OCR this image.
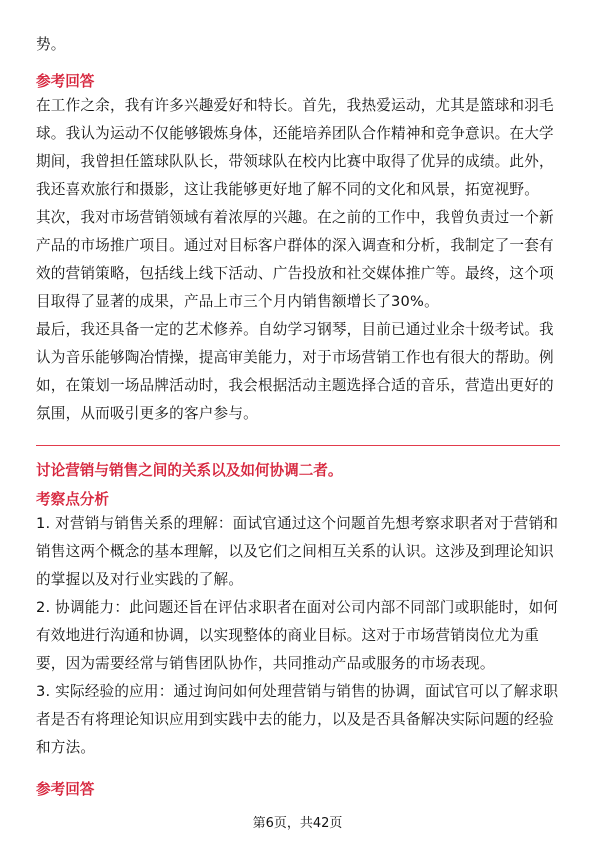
势。

参考回答

在工作之余，我有许多兴趣爱好和特长。首先，我热爱运动，尤其是篮球和羽毛球。我认为运动不仅能够锻炼身体，还能培养团队合作精神和竞争意识。在大学期间，我曾担任篮球队队长，带领球队在校内比赛中取得了优异的成绩。此外，我还喜欢旅行和摄影，这让我能够更好地了解不同的文化和风景，拓宽视野。

其次，我对市场营销领域有着浓厚的兴趣。在之前的工作中，我曾负责过一个新产品的市场推广项目。通过对目标客户群体的深入调查和分析，我制定了一套有效的营销策略，包括线上线下活动、广告投放和社交媒体推广等。最终，这个项目取得了显著的成果，产品上市三个月内销售额增长了30%。

最后，我还具备一定的艺术修养。自幼学习钢琴，目前已通过业余十级考试。我认为音乐能够陶冶情操，提高审美能力，对于市场营销工作也有很大的帮助。例如，在策划一场品牌活动时，我会根据活动主题选择合适的音乐，营造出更好的氛围，从而吸引更多的客户参与。

讨论营销与销售之间的关系以及如何协调二者。

考察点分析

1. 对营销与销售关系的理解：面试官通过这个问题首先想考察求职者对于营销和销售这两个概念的基本理解，以及它们之间相互关系的认识。这涉及到理论知识的掌握以及对行业实践的了解。

2. 协调能力：此问题还旨在评估求职者在面对公司内部不同部门或职能时，如何有效地进行沟通和协调，以实现整体的商业目标。这对于市场营销岗位尤为重要，因为需要经常与销售团队协作，共同推动产品或服务的市场表现。

3. 实际经验的应用：通过询问如何处理营销与销售的协调，面试官可以了解求职者是否有将理论知识应用到实践中去的能力，以及是否具备解决实际问题的经验和方法。

参考回答

第6页，共42页
